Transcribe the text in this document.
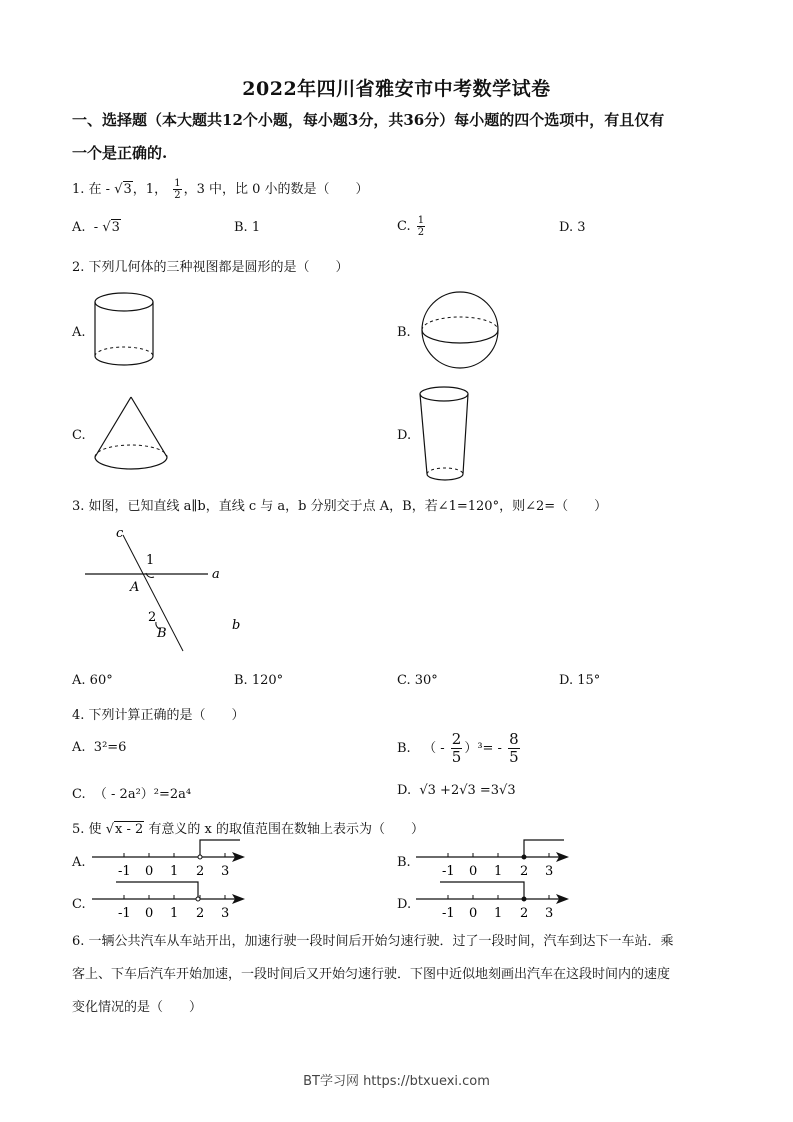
2022年四川省雅安市中考数学试卷
一、选择题（本大题共12个小题，每小题3分，共36分）每小题的四个选项中，有且仅有
一个是正确的.
1. 在 - √3，1， $\frac{1}{2}$ ，3 中，比 0 小的数是（　　）
A. - √3	B. 1	C. $\frac{1}{2}$	D. 3
2. 下列几何体的三种视图都是圆形的是（　　）
A.	B.
C.	D.
3. 如图，已知直线 a∥b，直线 c 与 a，b 分别交于点 A，B，若∠1=120°，则∠2=（　　）
c
1
a
A
2
B
b
A. 60°	B. 120°	C. 30°	D. 15°
4. 下列计算正确的是（　　）
A. 3²=6	B. （ - $\frac{2}{5} )^3= - \frac{8}{5}$
C. （ - 2a²）²=2a⁴	D. √3 +2√3 =3√3
5. 使 √x - 2 有意义的 x 的取值范围在数轴上表示为（　　）
A.
-1 0 1 2 3
B.
-1 0 1 2 3
C.
-1 0 1 2 3
D.
-1 0 1 2 3
6. 一辆公共汽车从车站开出，加速行驶一段时间后开始匀速行驶．过了一段时间，汽车到达下一车站．乘
客上、下车后汽车开始加速，一段时间后又开始匀速行驶．下图中近似地刻画出汽车在这段时间内的速度
变化情况的是（　　）
BT学习网 https://btxuexi.com
